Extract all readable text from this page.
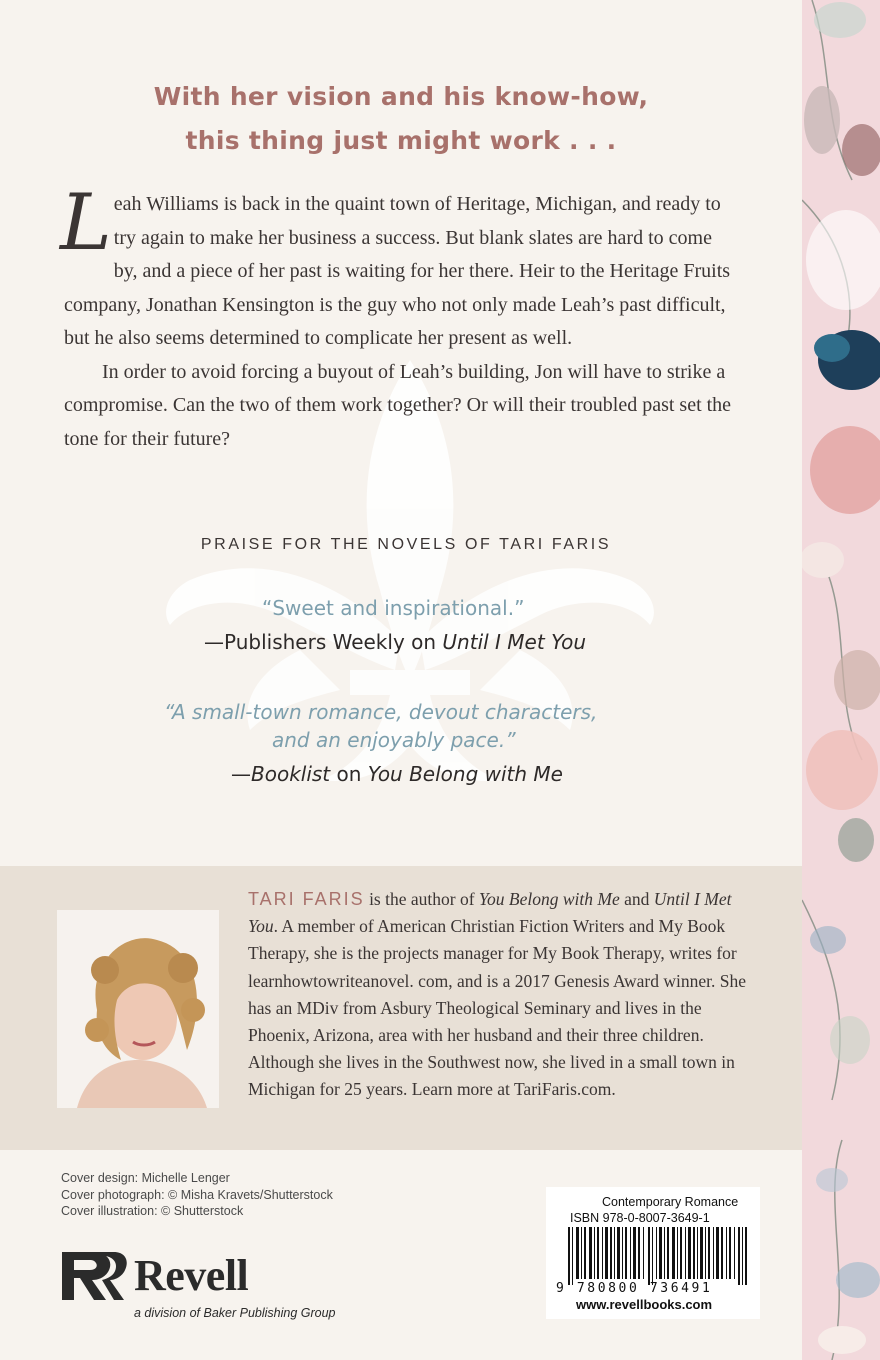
With her vision and his know-how,
this thing just might work . . .

Leah Williams is back in the quaint town of Heritage, Michigan, and ready to try again to make her business a success. But blank slates are hard to come by, and a piece of her past is waiting for her there. Heir to the Heritage Fruits company, Jonathan Kensington is the guy who not only made Leah’s past difficult, but he also seems determined to complicate her present as well.

In order to avoid forcing a buyout of Leah’s building, Jon will have to strike a compromise. Can the two of them work together? Or will their troubled past set the tone for their future?

PRAISE FOR THE NOVELS OF TARI FARIS
“Sweet and inspirational.”
—Publishers Weekly on Until I Met You
“A small-town romance, devout characters,
and an enjoyably pace.”
—Booklist on You Belong with Me

TARI FARIS is the author of You Belong with Me and Until I Met You. A member of American Christian Fiction Writers and My Book Therapy, she is the projects manager for My Book Therapy, writes for learnhowtowriteanovel. com, and is a 2017 Genesis Award winner. She has an MDiv from Asbury Theological Seminary and lives in the Phoenix, Arizona, area with her husband and their three children. Although she lives in the Southwest now, she lived in a small town in Michigan for 25 years. Learn more at TariFaris.com.

Cover design: Michelle Lenger
Cover photograph: © Misha Kravets/Shutterstock
Cover illustration: © Shutterstock
Revell
a division of Baker Publishing Group
Contemporary Romance
ISBN 978-0-8007-3649-1
9 780800 736491
www.revellbooks.com
